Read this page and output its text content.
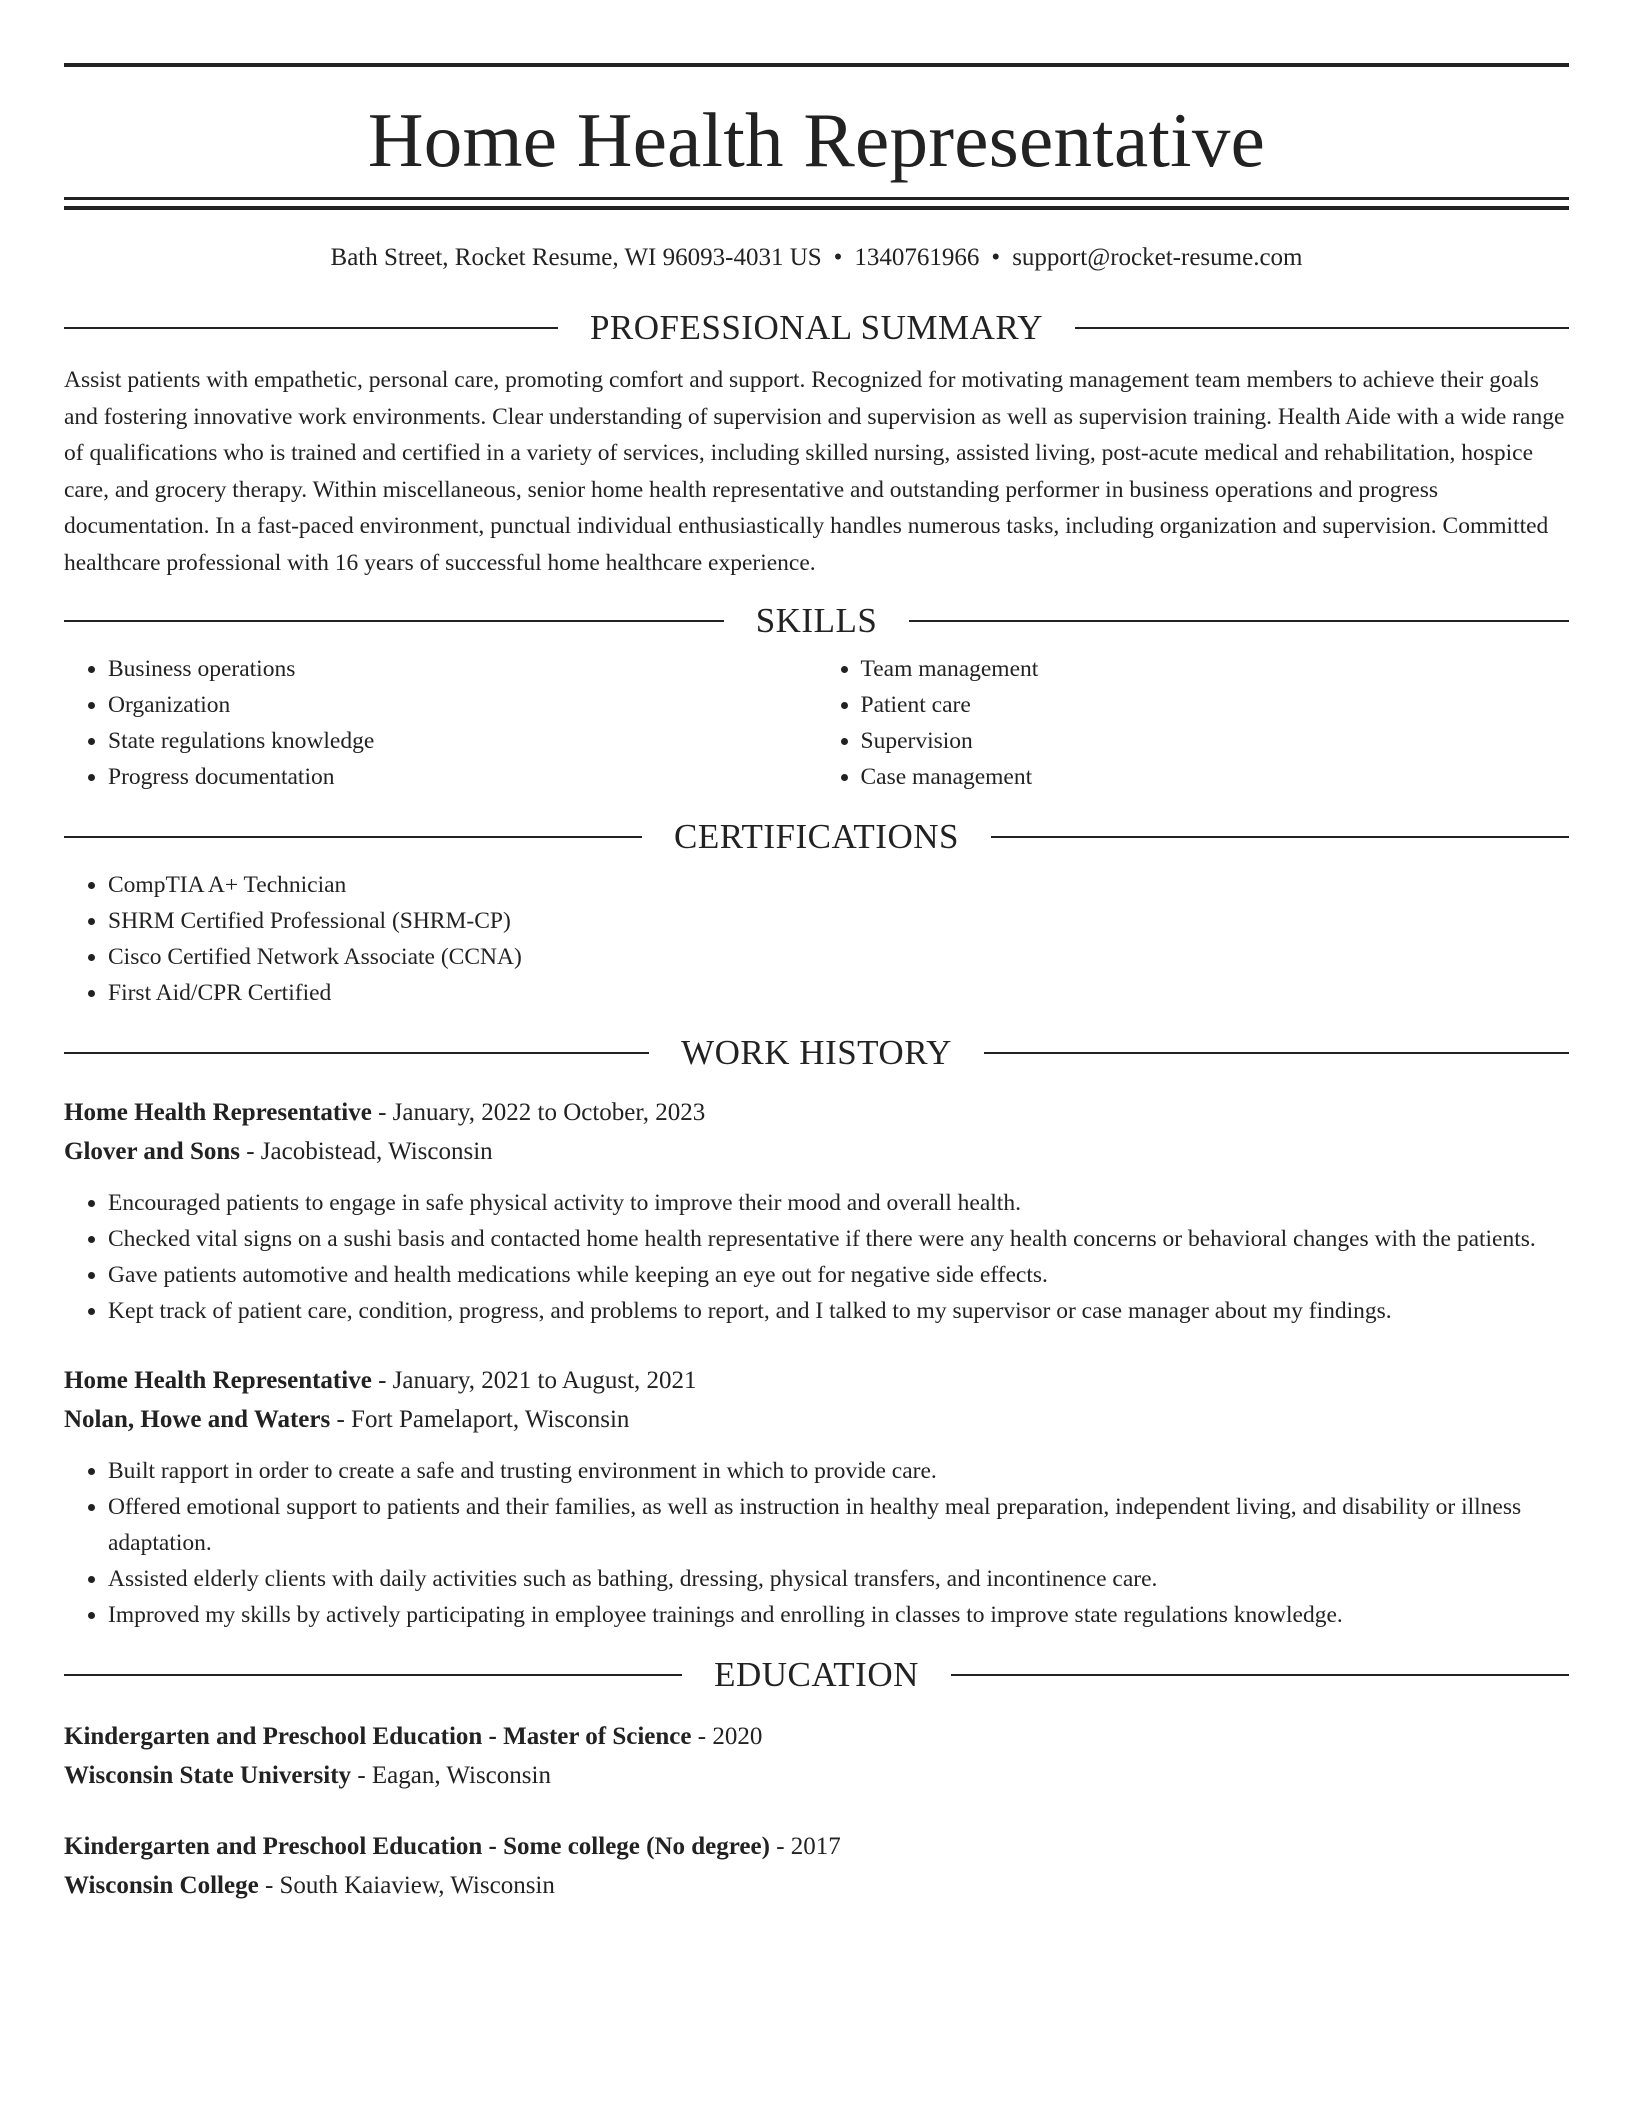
Home Health Representative
Bath Street, Rocket Resume, WI 96093-4031 US • 1340761966 • support@rocket-resume.com
PROFESSIONAL SUMMARY

Assist patients with empathetic, personal care, promoting comfort and support. Recognized for motivating management team members to achieve their goals and fostering innovative work environments. Clear understanding of supervision and supervision as well as supervision training. Health Aide with a wide range of qualifications who is trained and certified in a variety of services, including skilled nursing, assisted living, post-acute medical and rehabilitation, hospice care, and grocery therapy. Within miscellaneous, senior home health representative and outstanding performer in business operations and progress documentation. In a fast-paced environment, punctual individual enthusiastically handles numerous tasks, including organization and supervision. Committed healthcare professional with 16 years of successful home healthcare experience.

SKILLS
• Business operations
• Organization
• State regulations knowledge
• Progress documentation
• Team management
• Patient care
• Supervision
• Case management
CERTIFICATIONS
• CompTIA A+ Technician
• SHRM Certified Professional (SHRM-CP)
• Cisco Certified Network Associate (CCNA)
• First Aid/CPR Certified
WORK HISTORY
Home Health Representative - January, 2022 to October, 2023
Glover and Sons - Jacobistead, Wisconsin
• Encouraged patients to engage in safe physical activity to improve their mood and overall health.
• Checked vital signs on a sushi basis and contacted home health representative if there were any health concerns or behavioral changes with the patients.
• Gave patients automotive and health medications while keeping an eye out for negative side effects.
• Kept track of patient care, condition, progress, and problems to report, and I talked to my supervisor or case manager about my findings.
Home Health Representative - January, 2021 to August, 2021
Nolan, Howe and Waters - Fort Pamelaport, Wisconsin
• Built rapport in order to create a safe and trusting environment in which to provide care.
• Offered emotional support to patients and their families, as well as instruction in healthy meal preparation, independent living, and disability or illness adaptation.
• Assisted elderly clients with daily activities such as bathing, dressing, physical transfers, and incontinence care.
• Improved my skills by actively participating in employee trainings and enrolling in classes to improve state regulations knowledge.
EDUCATION
Kindergarten and Preschool Education - Master of Science - 2020
Wisconsin State University - Eagan, Wisconsin
Kindergarten and Preschool Education - Some college (No degree) - 2017
Wisconsin College - South Kaiaview, Wisconsin
